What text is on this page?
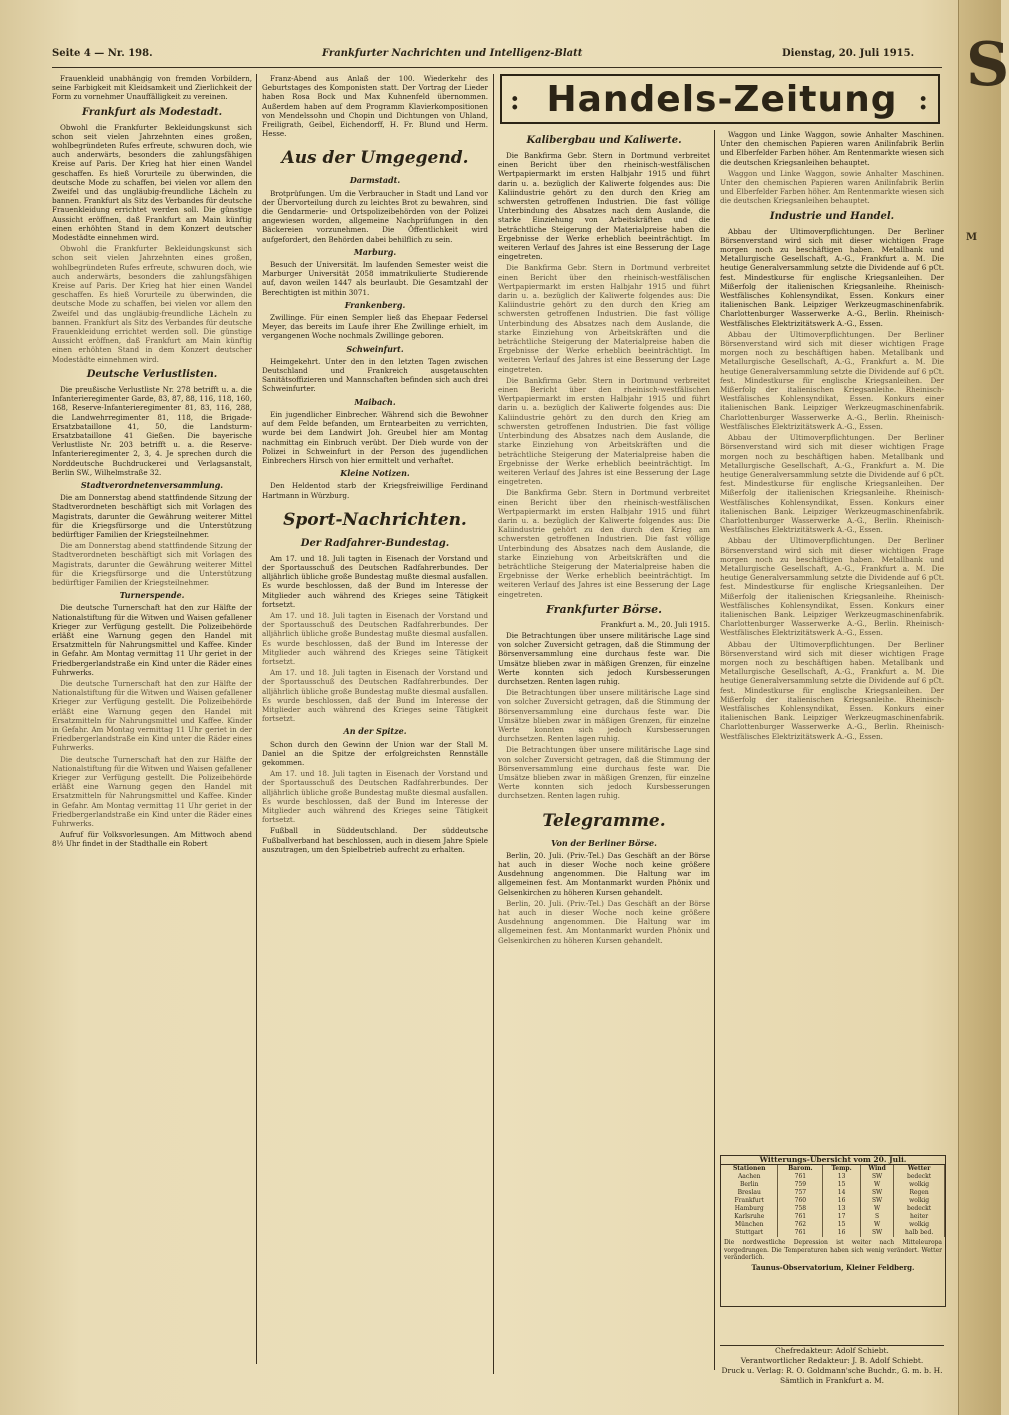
S
M
Seite 4 — Nr. 198.	Frankfurter Nachrichten und Intelligenz-Blatt	Dienstag, 20. Juli 1915.

Frauenkleid unabhängig von fremden Vorbildern, seine Farbigkeit mit Kleidsamkeit und Zierlichkeit der Form zu vornehmer Unauffälligkeit zu vereinen.

Frankfurt als Modestadt.

Obwohl die Frankfurter Bekleidungskunst sich schon seit vielen Jahrzehnten eines großen, wohlbegründeten Rufes erfreute, schwuren doch, wie auch anderwärts, besonders die zahlungsfähigen Kreise auf Paris. Der Krieg hat hier einen Wandel geschaffen. Es hieß Vorurteile zu überwinden, die deutsche Mode zu schaffen, bei vielen vor allem den Zweifel und das ungläubig-freundliche Lächeln zu bannen. Frankfurt als Sitz des Verbandes für deutsche Frauenkleidung errichtet werden soll. Die günstige Aussicht eröffnen, daß Frankfurt am Main künftig einen erhöhten Stand in dem Konzert deutscher Modestädte einnehmen wird.

Obwohl die Frankfurter Bekleidungskunst sich schon seit vielen Jahrzehnten eines großen, wohlbegründeten Rufes erfreute, schwuren doch, wie auch anderwärts, besonders die zahlungsfähigen Kreise auf Paris. Der Krieg hat hier einen Wandel geschaffen. Es hieß Vorurteile zu überwinden, die deutsche Mode zu schaffen, bei vielen vor allem den Zweifel und das ungläubig-freundliche Lächeln zu bannen. Frankfurt als Sitz des Verbandes für deutsche Frauenkleidung errichtet werden soll. Die günstige Aussicht eröffnen, daß Frankfurt am Main künftig einen erhöhten Stand in dem Konzert deutscher Modestädte einnehmen wird.

Deutsche Verlustlisten.

Die preußische Verlustliste Nr. 278 betrifft u. a. die Infanterieregimenter Garde, 83, 87, 88, 116, 118, 160, 168, Reserve-Infanterieregimenter 81, 83, 116, 288, die Landwehrregimenter 81, 118, die Brigade-Ersatzbataillone 41, 50, die Landsturm-Ersatzbataillone 41 Gießen. Die bayerische Verlustliste Nr. 203 betrifft u. a. die Reserve-Infanterieregimenter 2, 3, 4. Je sprechen durch die Norddeutsche Buchdruckerei und Verlagsanstalt, Berlin SW., Wilhelmstraße 32.

Stadtverordnetenversammlung.

Die am Donnerstag abend stattfindende Sitzung der Stadtverordneten beschäftigt sich mit Vorlagen des Magistrats, darunter die Gewährung weiterer Mittel für die Kriegsfürsorge und die Unterstützung bedürftiger Familien der Kriegsteilnehmer.

Die am Donnerstag abend stattfindende Sitzung der Stadtverordneten beschäftigt sich mit Vorlagen des Magistrats, darunter die Gewährung weiterer Mittel für die Kriegsfürsorge und die Unterstützung bedürftiger Familien der Kriegsteilnehmer.

Turnerspende.

Die deutsche Turnerschaft hat den zur Hälfte der Nationalstiftung für die Witwen und Waisen gefallener Krieger zur Verfügung gestellt. Die Polizeibehörde erläßt eine Warnung gegen den Handel mit Ersatzmitteln für Nahrungsmittel und Kaffee. Kinder in Gefahr. Am Montag vermittag 11 Uhr geriet in der Friedbergerlandstraße ein Kind unter die Räder eines Fuhrwerks.

Die deutsche Turnerschaft hat den zur Hälfte der Nationalstiftung für die Witwen und Waisen gefallener Krieger zur Verfügung gestellt. Die Polizeibehörde erläßt eine Warnung gegen den Handel mit Ersatzmitteln für Nahrungsmittel und Kaffee. Kinder in Gefahr. Am Montag vermittag 11 Uhr geriet in der Friedbergerlandstraße ein Kind unter die Räder eines Fuhrwerks.

Die deutsche Turnerschaft hat den zur Hälfte der Nationalstiftung für die Witwen und Waisen gefallener Krieger zur Verfügung gestellt. Die Polizeibehörde erläßt eine Warnung gegen den Handel mit Ersatzmitteln für Nahrungsmittel und Kaffee. Kinder in Gefahr. Am Montag vermittag 11 Uhr geriet in der Friedbergerlandstraße ein Kind unter die Räder eines Fuhrwerks.

Aufruf für Volksvorlesungen. Am Mittwoch abend 8½ Uhr findet in der Stadthalle ein Robert

Franz-Abend aus Anlaß der 100. Wiederkehr des Geburtstages des Komponisten statt. Der Vortrag der Lieder haben Rosa Bock und Max Kuhnenfeld übernommen. Außerdem haben auf dem Programm Klavierkompositionen von Mendelssohn und Chopin und Dichtungen von Uhland, Freiligrath, Geibel, Eichendorff, H. Fr. Blund und Herm. Hesse.

Aus der Umgegend.
Darmstadt.

Brotprüfungen. Um die Verbraucher in Stadt und Land vor der Übervorteilung durch zu leichtes Brot zu bewahren, sind die Gendarmerie- und Ortspolizeibehörden von der Polizei angewiesen worden, allgemeine Nachprüfungen in den Bäckereien vorzunehmen. Die Öffentlichkeit wird aufgefordert, den Behörden dabei behilflich zu sein.

Marburg.

Besuch der Universität. Im laufenden Semester weist die Marburger Universität 2058 immatrikulierte Studierende auf, davon weilen 1447 als beurlaubt. Die Gesamtzahl der Berechtigten ist mithin 3071.

Frankenberg.

Zwillinge. Für einen Sempler ließ das Ehepaar Federsel Meyer, das bereits im Laufe ihrer Ehe Zwillinge erhielt, im vergangenen Woche nochmals Zwillinge geboren.

Schweinfurt.

Heimgekehrt. Unter den in den letzten Tagen zwischen Deutschland und Frankreich ausgetauschten Sanitätsoffizieren und Mannschaften befinden sich auch drei Schweinfurter.

Maibach.

Ein jugendlicher Einbrecher. Während sich die Bewohner auf dem Felde befanden, um Erntearbeiten zu verrichten, wurde bei dem Landwirt Joh. Greubel hier am Montag nachmittag ein Einbruch verübt. Der Dieb wurde von der Polizei in Schweinfurt in der Person des jugendlichen Einbrechers Hirsch von hier ermittelt und verhaftet.

Kleine Notizen.

Den Heldentod starb der Kriegsfreiwillige Ferdinand Hartmann in Würzburg.

Sport-Nachrichten.
Der Radfahrer-Bundestag.

Am 17. und 18. Juli tagten in Eisenach der Vorstand und der Sportausschuß des Deutschen Radfahrerbundes. Der alljährlich übliche große Bundestag mußte diesmal ausfallen. Es wurde beschlossen, daß der Bund im Interesse der Mitglieder auch während des Krieges seine Tätigkeit fortsetzt.

Am 17. und 18. Juli tagten in Eisenach der Vorstand und der Sportausschuß des Deutschen Radfahrerbundes. Der alljährlich übliche große Bundestag mußte diesmal ausfallen. Es wurde beschlossen, daß der Bund im Interesse der Mitglieder auch während des Krieges seine Tätigkeit fortsetzt.

Am 17. und 18. Juli tagten in Eisenach der Vorstand und der Sportausschuß des Deutschen Radfahrerbundes. Der alljährlich übliche große Bundestag mußte diesmal ausfallen. Es wurde beschlossen, daß der Bund im Interesse der Mitglieder auch während des Krieges seine Tätigkeit fortsetzt.

An der Spitze.

Schon durch den Gewinn der Union war der Stall M. Daniel an die Spitze der erfolgreichsten Rennställe gekommen.

Am 17. und 18. Juli tagten in Eisenach der Vorstand und der Sportausschuß des Deutschen Radfahrerbundes. Der alljährlich übliche große Bundestag mußte diesmal ausfallen. Es wurde beschlossen, daß der Bund im Interesse der Mitglieder auch während des Krieges seine Tätigkeit fortsetzt.

Fußball in Süddeutschland. Der süddeutsche Fußballverband hat beschlossen, auch in diesem Jahre Spiele auszutragen, um den Spielbetrieb aufrecht zu erhalten.

: Handels-Zeitung :
Kalibergbau und Kaliwerte.

Die Bankfirma Gebr. Stern in Dortmund verbreitet einen Bericht über den rheinisch-westfälischen Wertpapiermarkt im ersten Halbjahr 1915 und führt darin u. a. bezüglich der Kaliwerte folgendes aus: Die Kaliindustrie gehört zu den durch den Krieg am schwersten getroffenen Industrien. Die fast völlige Unterbindung des Absatzes nach dem Auslande, die starke Einziehung von Arbeitskräften und die beträchtliche Steigerung der Materialpreise haben die Ergebnisse der Werke erheblich beeinträchtigt. Im weiteren Verlauf des Jahres ist eine Besserung der Lage eingetreten.

Die Bankfirma Gebr. Stern in Dortmund verbreitet einen Bericht über den rheinisch-westfälischen Wertpapiermarkt im ersten Halbjahr 1915 und führt darin u. a. bezüglich der Kaliwerte folgendes aus: Die Kaliindustrie gehört zu den durch den Krieg am schwersten getroffenen Industrien. Die fast völlige Unterbindung des Absatzes nach dem Auslande, die starke Einziehung von Arbeitskräften und die beträchtliche Steigerung der Materialpreise haben die Ergebnisse der Werke erheblich beeinträchtigt. Im weiteren Verlauf des Jahres ist eine Besserung der Lage eingetreten.

Die Bankfirma Gebr. Stern in Dortmund verbreitet einen Bericht über den rheinisch-westfälischen Wertpapiermarkt im ersten Halbjahr 1915 und führt darin u. a. bezüglich der Kaliwerte folgendes aus: Die Kaliindustrie gehört zu den durch den Krieg am schwersten getroffenen Industrien. Die fast völlige Unterbindung des Absatzes nach dem Auslande, die starke Einziehung von Arbeitskräften und die beträchtliche Steigerung der Materialpreise haben die Ergebnisse der Werke erheblich beeinträchtigt. Im weiteren Verlauf des Jahres ist eine Besserung der Lage eingetreten.

Die Bankfirma Gebr. Stern in Dortmund verbreitet einen Bericht über den rheinisch-westfälischen Wertpapiermarkt im ersten Halbjahr 1915 und führt darin u. a. bezüglich der Kaliwerte folgendes aus: Die Kaliindustrie gehört zu den durch den Krieg am schwersten getroffenen Industrien. Die fast völlige Unterbindung des Absatzes nach dem Auslande, die starke Einziehung von Arbeitskräften und die beträchtliche Steigerung der Materialpreise haben die Ergebnisse der Werke erheblich beeinträchtigt. Im weiteren Verlauf des Jahres ist eine Besserung der Lage eingetreten.

Frankfurter Börse.

Frankfurt a. M., 20. Juli 1915.

Die Betrachtungen über unsere militärische Lage sind von solcher Zuversicht getragen, daß die Stimmung der Börsenversammlung eine durchaus feste war. Die Umsätze blieben zwar in mäßigen Grenzen, für einzelne Werte konnten sich jedoch Kursbesserungen durchsetzen. Renten lagen ruhig.

Die Betrachtungen über unsere militärische Lage sind von solcher Zuversicht getragen, daß die Stimmung der Börsenversammlung eine durchaus feste war. Die Umsätze blieben zwar in mäßigen Grenzen, für einzelne Werte konnten sich jedoch Kursbesserungen durchsetzen. Renten lagen ruhig.

Die Betrachtungen über unsere militärische Lage sind von solcher Zuversicht getragen, daß die Stimmung der Börsenversammlung eine durchaus feste war. Die Umsätze blieben zwar in mäßigen Grenzen, für einzelne Werte konnten sich jedoch Kursbesserungen durchsetzen. Renten lagen ruhig.

Telegramme.
Von der Berliner Börse.

Berlin, 20. Juli. (Priv.-Tel.) Das Geschäft an der Börse hat auch in dieser Woche noch keine größere Ausdehnung angenommen. Die Haltung war im allgemeinen fest. Am Montanmarkt wurden Phönix und Gelsenkirchen zu höheren Kursen gehandelt.

Berlin, 20. Juli. (Priv.-Tel.) Das Geschäft an der Börse hat auch in dieser Woche noch keine größere Ausdehnung angenommen. Die Haltung war im allgemeinen fest. Am Montanmarkt wurden Phönix und Gelsenkirchen zu höheren Kursen gehandelt.

Waggon und Linke Waggon, sowie Anhalter Maschinen. Unter den chemischen Papieren waren Anilinfabrik Berlin und Elberfelder Farben höher. Am Rentenmarkte wiesen sich die deutschen Kriegsanleihen behauptet.

Waggon und Linke Waggon, sowie Anhalter Maschinen. Unter den chemischen Papieren waren Anilinfabrik Berlin und Elberfelder Farben höher. Am Rentenmarkte wiesen sich die deutschen Kriegsanleihen behauptet.

Industrie und Handel.

Abbau der Ultimoverpflichtungen. Der Berliner Börsenverstand wird sich mit dieser wichtigen Frage morgen noch zu beschäftigen haben. Metallbank und Metallurgische Gesellschaft, A.-G., Frankfurt a. M. Die heutige Generalversammlung setzte die Dividende auf 6 pCt. fest. Mindestkurse für englische Kriegsanleihen. Der Mißerfolg der italienischen Kriegsanleihe. Rheinisch-Westfälisches Kohlensyndikat, Essen. Konkurs einer italienischen Bank. Leipziger Werkzeugmaschinenfabrik. Charlottenburger Wasserwerke A.-G., Berlin. Rheinisch-Westfälisches Elektrizitätswerk A.-G., Essen.

Abbau der Ultimoverpflichtungen. Der Berliner Börsenverstand wird sich mit dieser wichtigen Frage morgen noch zu beschäftigen haben. Metallbank und Metallurgische Gesellschaft, A.-G., Frankfurt a. M. Die heutige Generalversammlung setzte die Dividende auf 6 pCt. fest. Mindestkurse für englische Kriegsanleihen. Der Mißerfolg der italienischen Kriegsanleihe. Rheinisch-Westfälisches Kohlensyndikat, Essen. Konkurs einer italienischen Bank. Leipziger Werkzeugmaschinenfabrik. Charlottenburger Wasserwerke A.-G., Berlin. Rheinisch-Westfälisches Elektrizitätswerk A.-G., Essen.

Abbau der Ultimoverpflichtungen. Der Berliner Börsenverstand wird sich mit dieser wichtigen Frage morgen noch zu beschäftigen haben. Metallbank und Metallurgische Gesellschaft, A.-G., Frankfurt a. M. Die heutige Generalversammlung setzte die Dividende auf 6 pCt. fest. Mindestkurse für englische Kriegsanleihen. Der Mißerfolg der italienischen Kriegsanleihe. Rheinisch-Westfälisches Kohlensyndikat, Essen. Konkurs einer italienischen Bank. Leipziger Werkzeugmaschinenfabrik. Charlottenburger Wasserwerke A.-G., Berlin. Rheinisch-Westfälisches Elektrizitätswerk A.-G., Essen.

Abbau der Ultimoverpflichtungen. Der Berliner Börsenverstand wird sich mit dieser wichtigen Frage morgen noch zu beschäftigen haben. Metallbank und Metallurgische Gesellschaft, A.-G., Frankfurt a. M. Die heutige Generalversammlung setzte die Dividende auf 6 pCt. fest. Mindestkurse für englische Kriegsanleihen. Der Mißerfolg der italienischen Kriegsanleihe. Rheinisch-Westfälisches Kohlensyndikat, Essen. Konkurs einer italienischen Bank. Leipziger Werkzeugmaschinenfabrik. Charlottenburger Wasserwerke A.-G., Berlin. Rheinisch-Westfälisches Elektrizitätswerk A.-G., Essen.

Abbau der Ultimoverpflichtungen. Der Berliner Börsenverstand wird sich mit dieser wichtigen Frage morgen noch zu beschäftigen haben. Metallbank und Metallurgische Gesellschaft, A.-G., Frankfurt a. M. Die heutige Generalversammlung setzte die Dividende auf 6 pCt. fest. Mindestkurse für englische Kriegsanleihen. Der Mißerfolg der italienischen Kriegsanleihe. Rheinisch-Westfälisches Kohlensyndikat, Essen. Konkurs einer italienischen Bank. Leipziger Werkzeugmaschinenfabrik. Charlottenburger Wasserwerke A.-G., Berlin. Rheinisch-Westfälisches Elektrizitätswerk A.-G., Essen.

Witterungs-Übersicht vom 20. Juli.
Stationen	Barom.	Temp.	Wind	Wetter
Aachen	761	13	SW	bedeckt
Berlin	759	15	W	wolkig
Breslau	757	14	SW	Regen
Frankfurt	760	16	SW	wolkig
Hamburg	758	13	W	bedeckt
Karlsruhe	761	17	S	heiter
München	762	15	W	wolkig
Stuttgart	761	16	SW	halb bed.
Die nordwestliche Depression ist weiter nach Mitteleuropa vorgedrungen. Die Temperaturen haben sich wenig verändert. Wetter veränderlich.
Taunus-Observatorium, Kleiner Feldberg.
Chefredakteur: Adolf Schiebt.
Verantwortlicher Redakteur: J. B. Adolf Schiebt.
Druck u. Verlag: R. O. Goldmann'sche Buchdr., G. m. b. H.
Sämtlich in Frankfurt a. M.
